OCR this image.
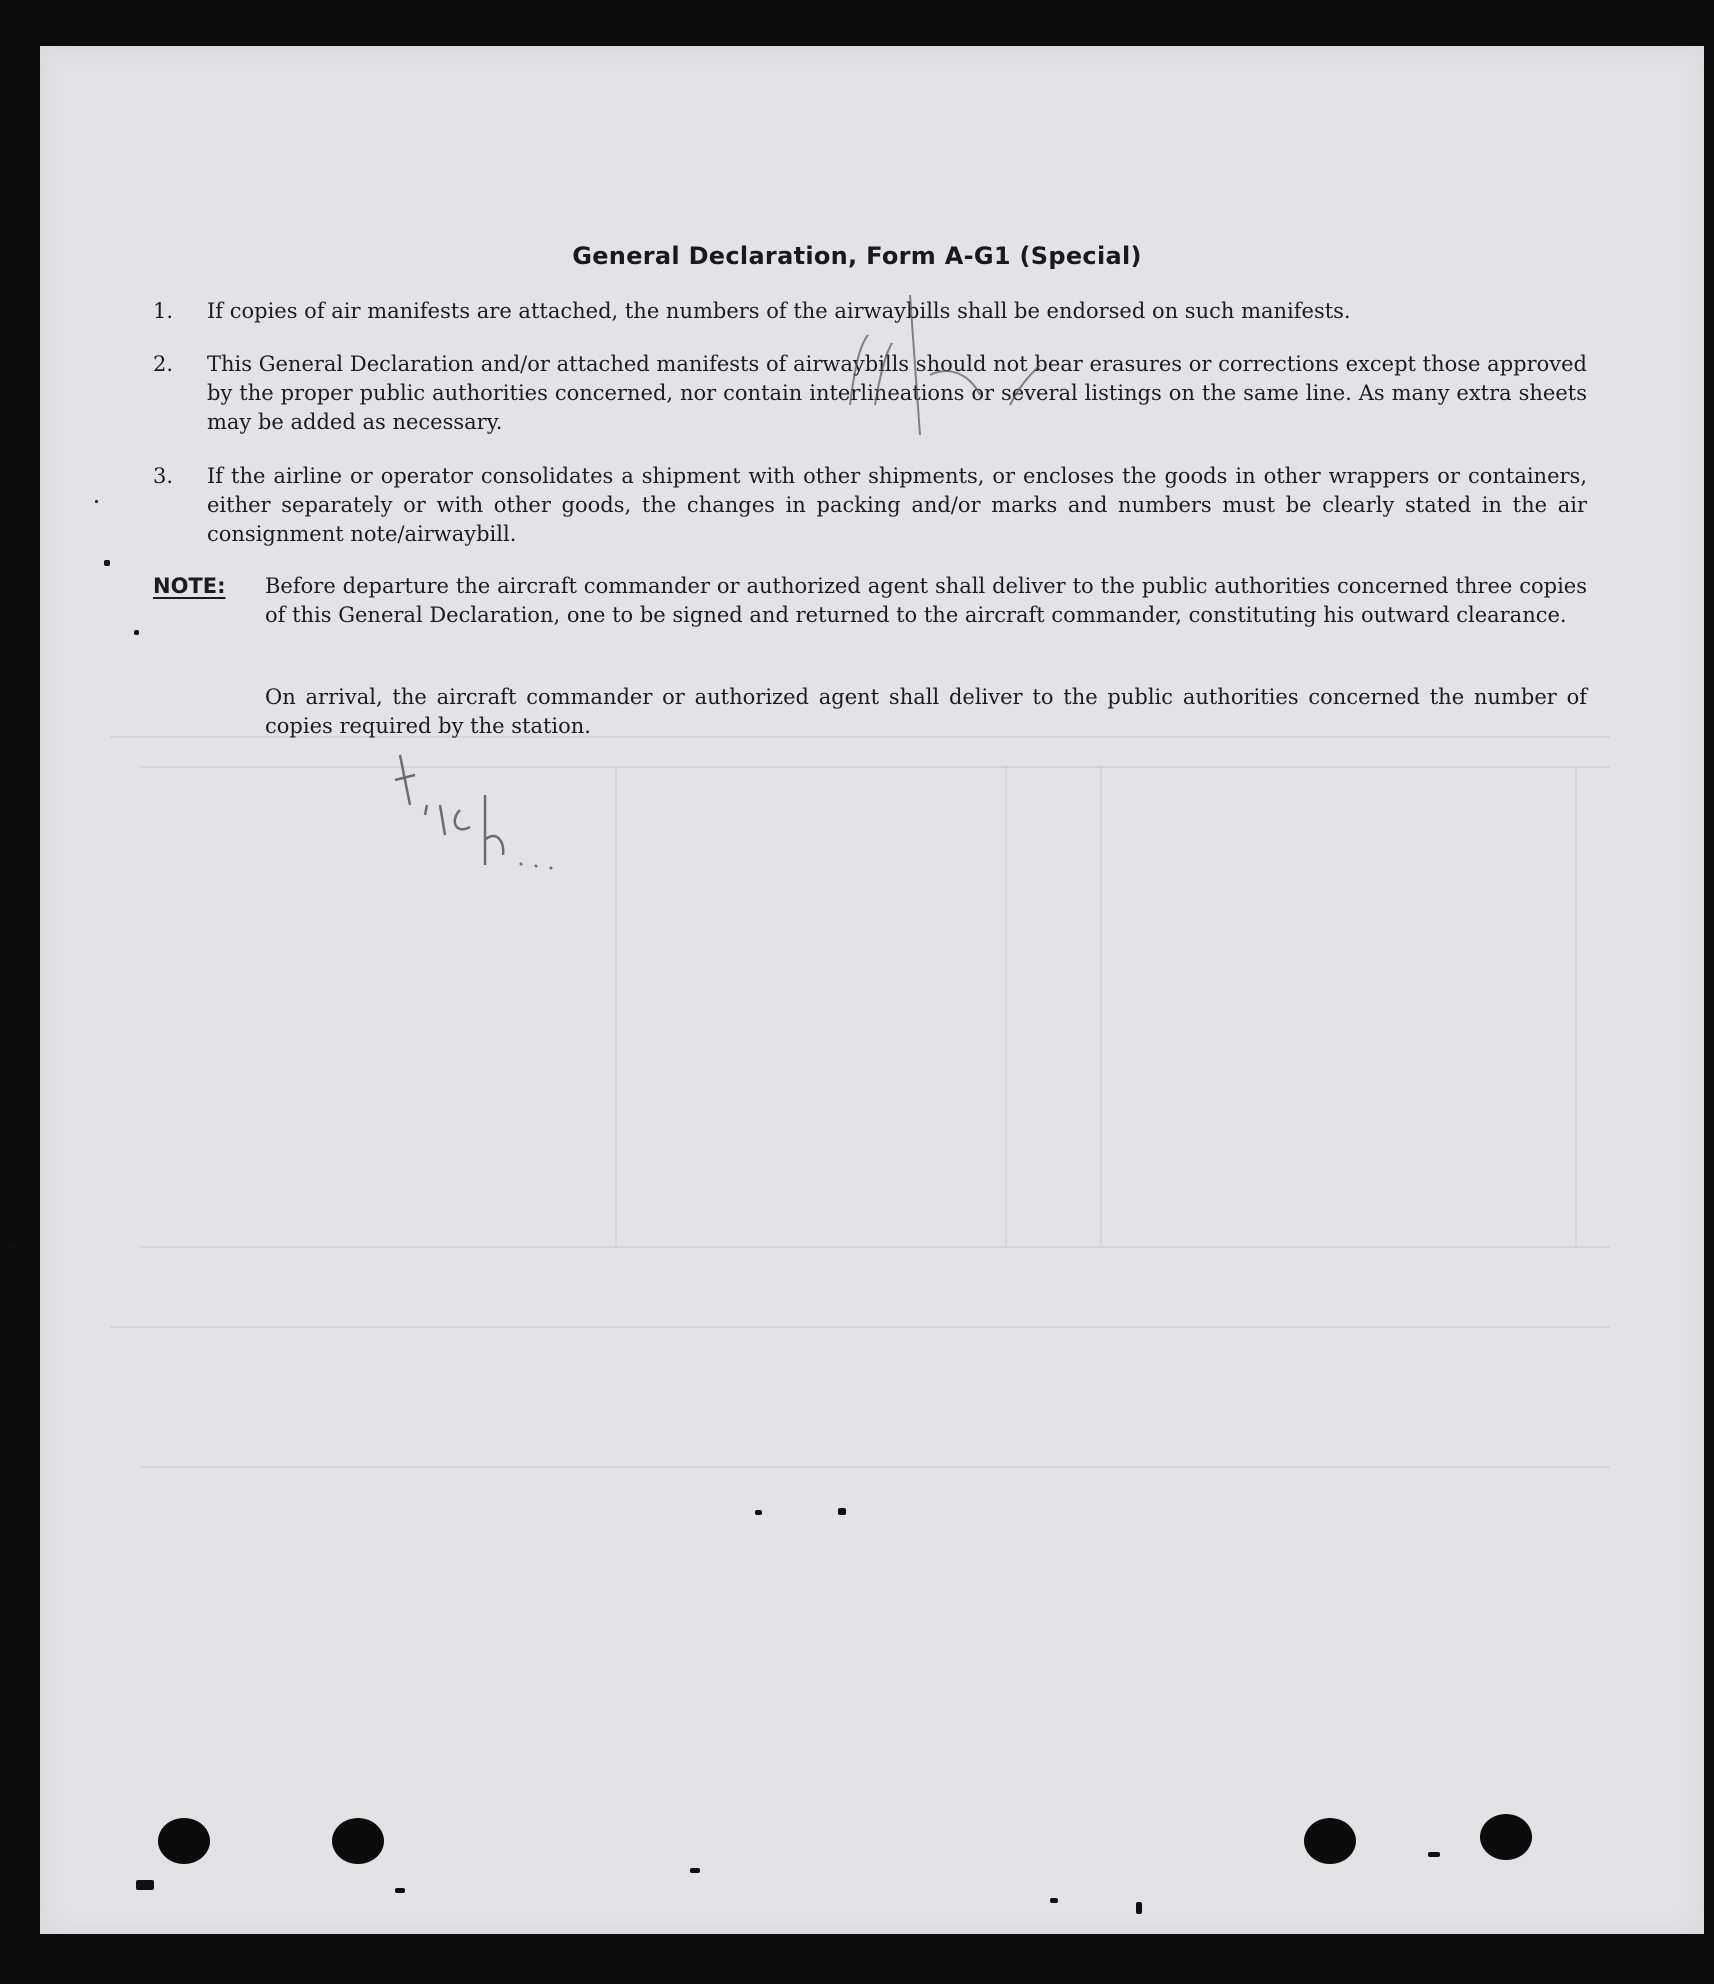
General Declaration, Form A-G1 (Special)
1.	If copies of air manifests are attached, the numbers of the airwaybills shall be endorsed on such manifests.
2.	This General Declaration and/or attached manifests of airwaybills should not bear erasures or corrections except those approved by the proper public authorities concerned, nor contain interlineations or several listings on the same line. As many extra sheets may be added as necessary.
3.	If the airline or operator consolidates a shipment with other shipments, or encloses the goods in other wrappers or containers, either separately or with other goods, the changes in packing and/or marks and numbers must be clearly stated in the air consignment note/airwaybill.
NOTE: Before departure the aircraft commander or authorized agent shall deliver to the public authorities concerned three copies of this General Declaration, one to be signed and returned to the aircraft commander, constituting his outward clearance.
On arrival, the aircraft commander or authorized agent shall deliver to the public authorities concerned the number of copies required by the station.
